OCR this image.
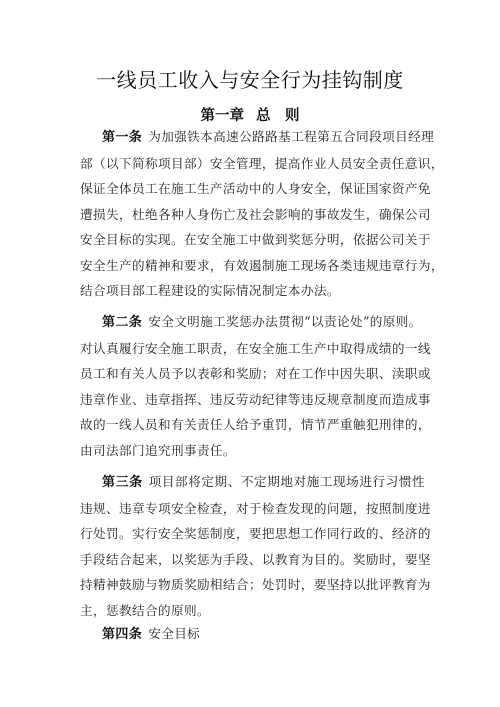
一线员工收入与安全行为挂钩制度
第一章 总　则
第一条 为加强铁本高速公路路基工程第五合同段项目经理
部（以下简称项目部）安全管理，提高作业人员安全责任意识，
保证全体员工在施工生产活动中的人身安全，保证国家资产免
遭损失，杜绝各种人身伤亡及社会影响的事故发生，确保公司
安全目标的实现。在安全施工中做到奖惩分明，依据公司关于
安全生产的精神和要求，有效遏制施工现场各类违规违章行为，
结合项目部工程建设的实际情况制定本办法。
第二条 安全文明施工奖惩办法贯彻“以责论处”的原则。
对认真履行安全施工职责，在安全施工生产中取得成绩的一线
员工和有关人员予以表彰和奖励；对在工作中因失职、渎职或
违章作业、违章指挥、违反劳动纪律等违反规章制度而造成事
故的一线人员和有关责任人给予重罚，情节严重触犯刑律的，
由司法部门追究刑事责任。
第三条 项目部将定期、不定期地对施工现场进行习惯性
违规、违章专项安全检查，对于检查发现的问题，按照制度进
行处罚。实行安全奖惩制度，要把思想工作同行政的、经济的
手段结合起来，以奖惩为手段、以教育为目的。奖励时，要坚
持精神鼓励与物质奖励相结合；处罚时，要坚持以批评教育为
主，惩教结合的原则。
第四条 安全目标
